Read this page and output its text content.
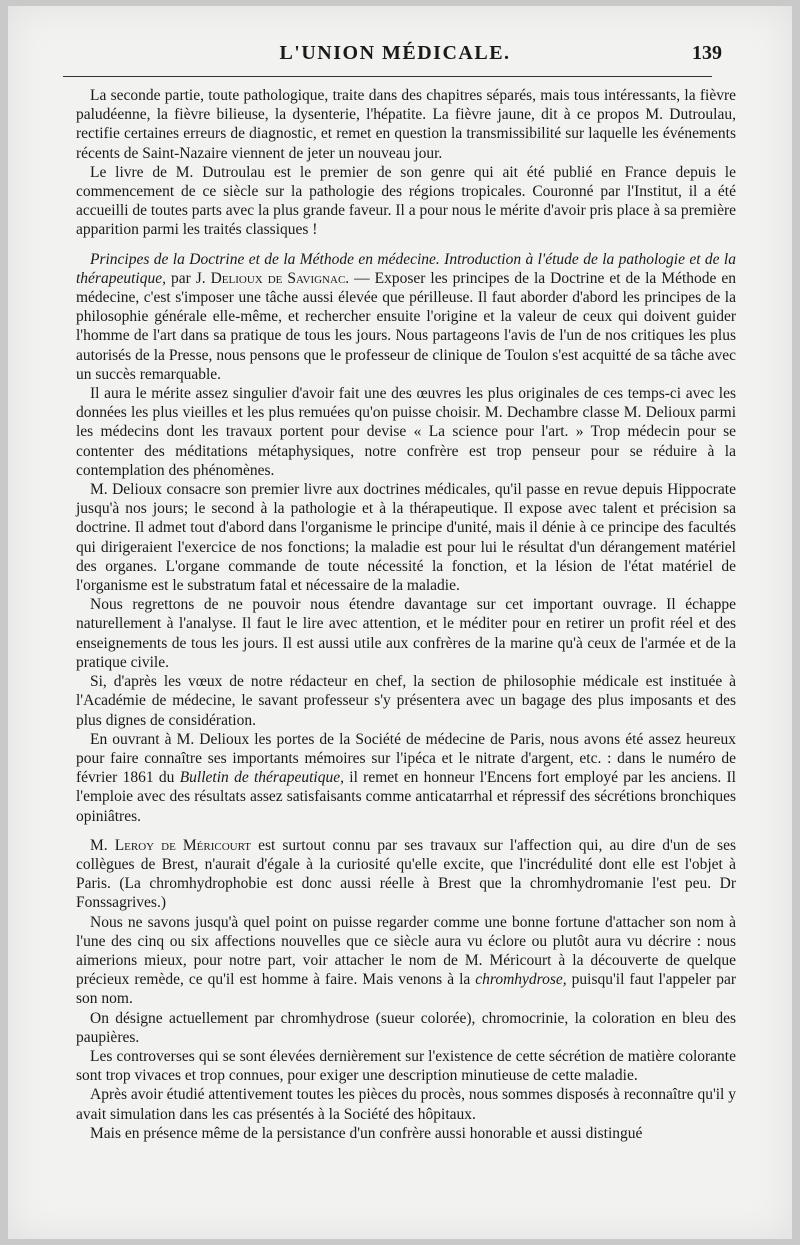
L'UNION MÉDICALE.	139

La seconde partie, toute pathologique, traite dans des chapitres séparés, mais tous intéressants, la fièvre paludéenne, la fièvre bilieuse, la dysenterie, l'hépatite. La fièvre jaune, dit à ce propos M. Dutroulau, rectifie certaines erreurs de diagnostic, et remet en question la transmissibilité sur laquelle les événements récents de Saint-Nazaire viennent de jeter un nouveau jour.

Le livre de M. Dutroulau est le premier de son genre qui ait été publié en France depuis le commencement de ce siècle sur la pathologie des régions tropicales. Couronné par l'Institut, il a été accueilli de toutes parts avec la plus grande faveur. Il a pour nous le mérite d'avoir pris place à sa première apparition parmi les traités classiques !

Principes de la Doctrine et de la Méthode en médecine. Introduction à l'étude de la pathologie et de la thérapeutique, par J. Delioux de Savignac. — Exposer les principes de la Doctrine et de la Méthode en médecine, c'est s'imposer une tâche aussi élevée que périlleuse. Il faut aborder d'abord les principes de la philosophie générale elle-même, et rechercher ensuite l'origine et la valeur de ceux qui doivent guider l'homme de l'art dans sa pratique de tous les jours. Nous partageons l'avis de l'un de nos critiques les plus autorisés de la Presse, nous pensons que le professeur de clinique de Toulon s'est acquitté de sa tâche avec un succès remarquable.

Il aura le mérite assez singulier d'avoir fait une des œuvres les plus originales de ces temps-ci avec les données les plus vieilles et les plus remuées qu'on puisse choisir. M. Dechambre classe M. Delioux parmi les médecins dont les travaux portent pour devise « La science pour l'art. » Trop médecin pour se contenter des méditations métaphysiques, notre confrère est trop penseur pour se réduire à la contemplation des phénomènes.

M. Delioux consacre son premier livre aux doctrines médicales, qu'il passe en revue depuis Hippocrate jusqu'à nos jours; le second à la pathologie et à la thérapeutique. Il expose avec talent et précision sa doctrine. Il admet tout d'abord dans l'organisme le principe d'unité, mais il dénie à ce principe des facultés qui dirigeraient l'exercice de nos fonctions; la maladie est pour lui le résultat d'un dérangement matériel des organes. L'organe commande de toute nécessité la fonction, et la lésion de l'état matériel de l'organisme est le substratum fatal et nécessaire de la maladie.

Nous regrettons de ne pouvoir nous étendre davantage sur cet important ouvrage. Il échappe naturellement à l'analyse. Il faut le lire avec attention, et le méditer pour en retirer un profit réel et des enseignements de tous les jours. Il est aussi utile aux confrères de la marine qu'à ceux de l'armée et de la pratique civile.

Si, d'après les vœux de notre rédacteur en chef, la section de philosophie médicale est instituée à l'Académie de médecine, le savant professeur s'y présentera avec un bagage des plus imposants et des plus dignes de considération.

En ouvrant à M. Delioux les portes de la Société de médecine de Paris, nous avons été assez heureux pour faire connaître ses importants mémoires sur l'ipéca et le nitrate d'argent, etc. : dans le numéro de février 1861 du Bulletin de thérapeutique, il remet en honneur l'Encens fort employé par les anciens. Il l'emploie avec des résultats assez satisfaisants comme anticatarrhal et répressif des sécrétions bronchiques opiniâtres.

M. Leroy de Méricourt est surtout connu par ses travaux sur l'affection qui, au dire d'un de ses collègues de Brest, n'aurait d'égale à la curiosité qu'elle excite, que l'incrédulité dont elle est l'objet à Paris. (La chromhydrophobie est donc aussi réelle à Brest que la chromhydromanie l'est peu. Dr Fonssagrives.)

Nous ne savons jusqu'à quel point on puisse regarder comme une bonne fortune d'attacher son nom à l'une des cinq ou six affections nouvelles que ce siècle aura vu éclore ou plutôt aura vu décrire : nous aimerions mieux, pour notre part, voir attacher le nom de M. Méricourt à la découverte de quelque précieux remède, ce qu'il est homme à faire. Mais venons à la chromhydrose, puisqu'il faut l'appeler par son nom.

On désigne actuellement par chromhydrose (sueur colorée), chromocrinie, la coloration en bleu des paupières.

Les controverses qui se sont élevées dernièrement sur l'existence de cette sécrétion de matière colorante sont trop vivaces et trop connues, pour exiger une description minutieuse de cette maladie.

Après avoir étudié attentivement toutes les pièces du procès, nous sommes disposés à reconnaître qu'il y avait simulation dans les cas présentés à la Société des hôpitaux.

Mais en présence même de la persistance d'un confrère aussi honorable et aussi distingué
